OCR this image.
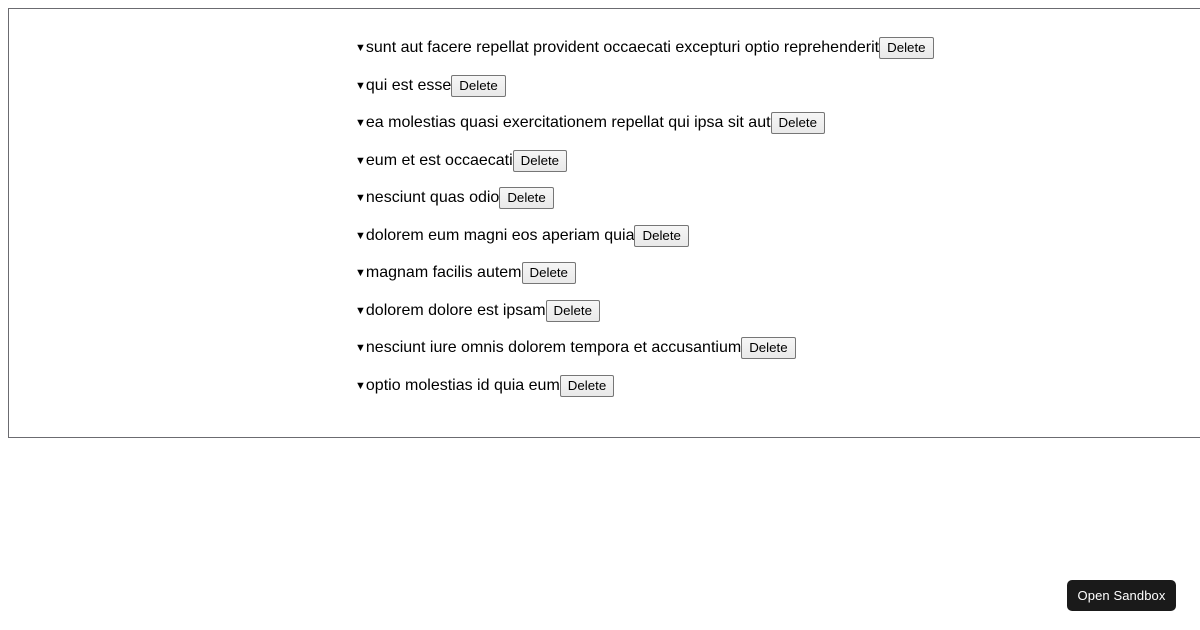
▼sunt aut facere repellat provident occaecati excepturi optio reprehenderit Delete
▼qui est esse Delete
▼ea molestias quasi exercitationem repellat qui ipsa sit aut Delete
▼eum et est occaecati Delete
▼nesciunt quas odio Delete
▼dolorem eum magni eos aperiam quia Delete
▼magnam facilis autem Delete
▼dolorem dolore est ipsam Delete
▼nesciunt iure omnis dolorem tempora et accusantium Delete
▼optio molestias id quia eum Delete
Open Sandbox
